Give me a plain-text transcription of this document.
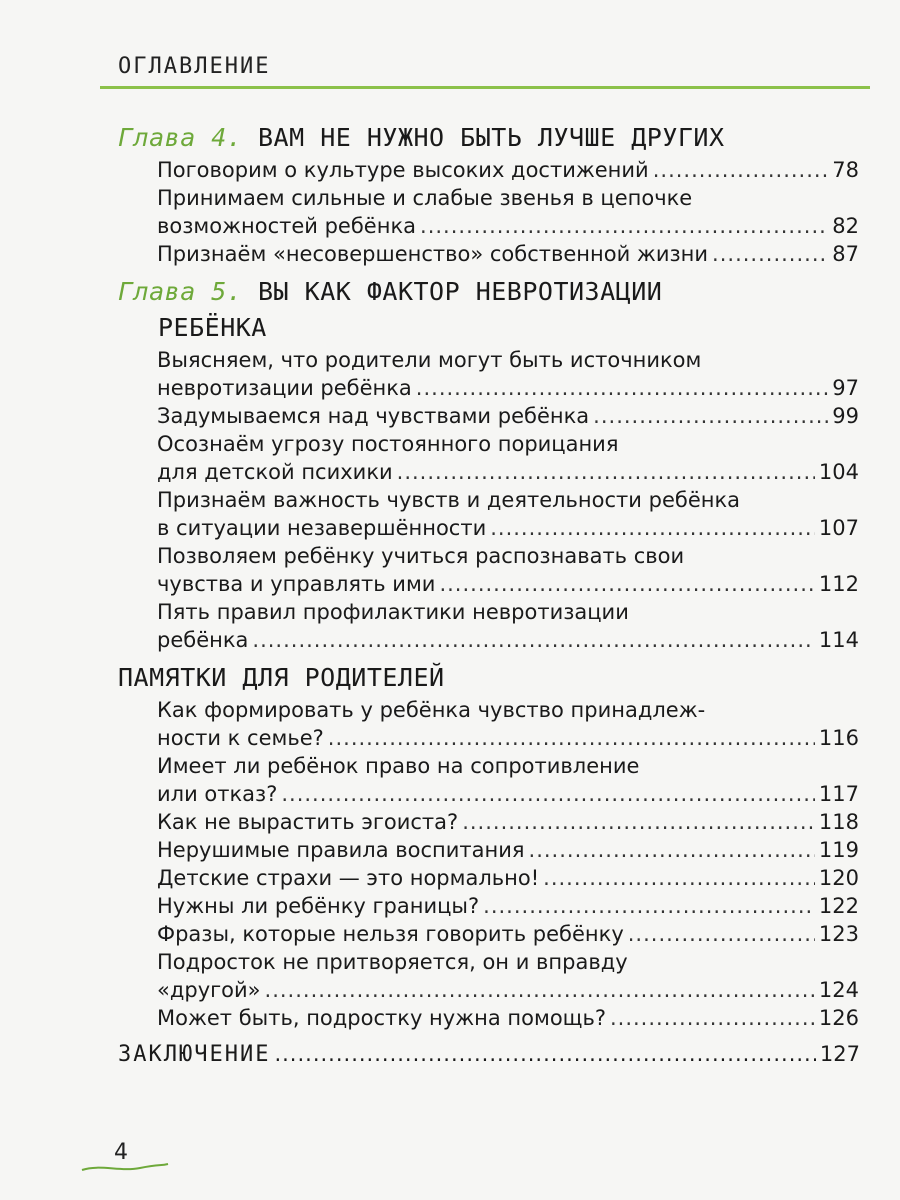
ОГЛАВЛЕНИЕ
Глава 4. ВАМ НЕ НУЖНО БЫТЬ ЛУЧШЕ ДРУГИХ
Поговорим о культуре высоких достижений .....	78
Принимаем сильные и слабые звенья в цепочке
возможностей ребёнка .....	82
Признаём «несовершенство» собственной жизни .....	87
Глава 5. ВЫ КАК ФАКТОР НЕВРОТИЗАЦИИ
РЕБЁНКА
Выясняем, что родители могут быть источником
невротизации ребёнка .....	97
Задумываемся над чувствами ребёнка .....	99
Осознаём угрозу постоянного порицания
для детской психики .....	104
Признаём важность чувств и деятельности ребёнка
в ситуации незавершённости .....	107
Позволяем ребёнку учиться распознавать свои
чувства и управлять ими .....	112
Пять правил профилактики невротизации
ребёнка .....	114
ПАМЯТКИ ДЛЯ РОДИТЕЛЕЙ
Как формировать у ребёнка чувство принадлеж-
ности к семье? .....	116
Имеет ли ребёнок право на сопротивление
или отказ? .....	117
Как не вырастить эгоиста? .....	118
Нерушимые правила воспитания .....	119
Детские страхи — это нормально! .....	120
Нужны ли ребёнку границы? .....	122
Фразы, которые нельзя говорить ребёнку .....	123
Подросток не притворяется, он и вправду
«другой» .....	124
Может быть, подростку нужна помощь? .....	126
ЗАКЛЮЧЕНИЕ .....	127
4
